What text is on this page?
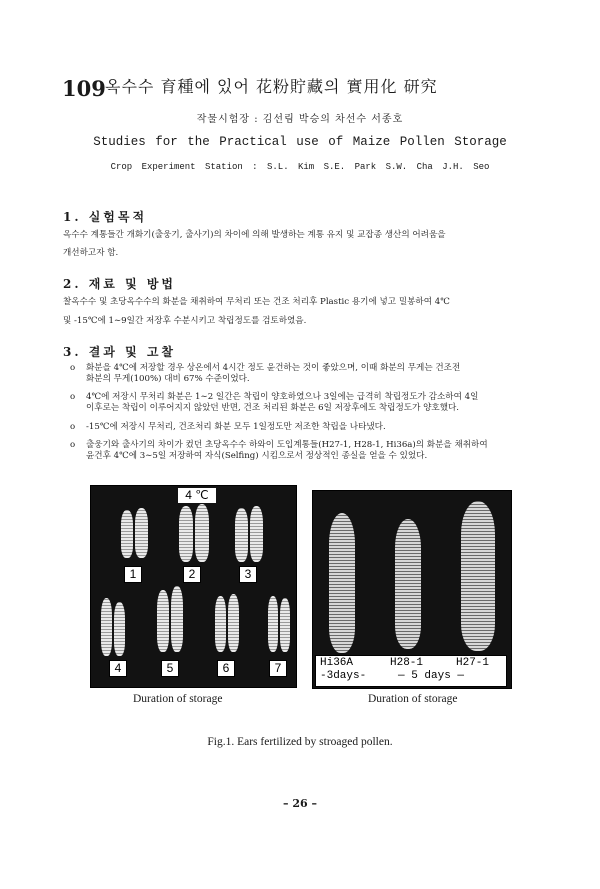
109 옥수수 育種에 있어 花粉貯藏의 實用化 研究
작물시험장 : 김선림 박승의 차선수 서종호
Studies for the Practical use of Maize Pollen Storage
Crop Experiment Station : S.L. Kim S.E. Park S.W. Cha J.H. Seo
1. 실험목적
옥수수 계통들간 개화기(출웅기, 출사기)의 차이에 의해 발생하는 계통 유지 및 교잡종 생산의 어려움을
개선하고자 함.
2. 재료 및 방법
찰옥수수 및 초당옥수수의 화분을 채취하여 무처리 또는 건조 처리후 Plastic 용기에 넣고 밀봉하여 4℃
및 -15℃에 1∼9일간 저장후 수분시키고 착립정도를 검토하였음.
3. 결과 및 고찰
o 화분을 4℃에 저장할 경우 상온에서 4시간 정도 윤건하는 것이 좋았으며, 이때 화분의 무게는 건조전
화분의 무게(100%) 대비 67% 수준이었다.
o 4℃에 저장시 무처리 화분은 1∼2 일간은 착립이 양호하였으나 3일에는 급격히 착립정도가 감소하여 4일
이후로는 착립이 이루어지지 않았던 반면, 건조 처리된 화분은 6일 저장후에도 착립정도가 양호했다.
o -15℃에 저장시 무처리, 건조처리 화분 모두 1일정도만 저조한 착립을 나타냈다.
o 출웅기와 출사기의 차이가 컸던 초당옥수수 하와이 도입계통들(H27-1, H28-1, Hi36a)의 화분을 채취하여
윤건후 4℃에 3∼5일 저장하여 자식(Selfing) 시킴으로서 정상적인 종실을 얻을 수 있었다.
4 ℃
1	2	3
4	5	6	7	Hi36A	H28-1	H27-1
-3days-	— 5 days —
Duration of storage	Duration of storage
Fig.1. Ears fertilized by stroaged pollen.
– 26 –
